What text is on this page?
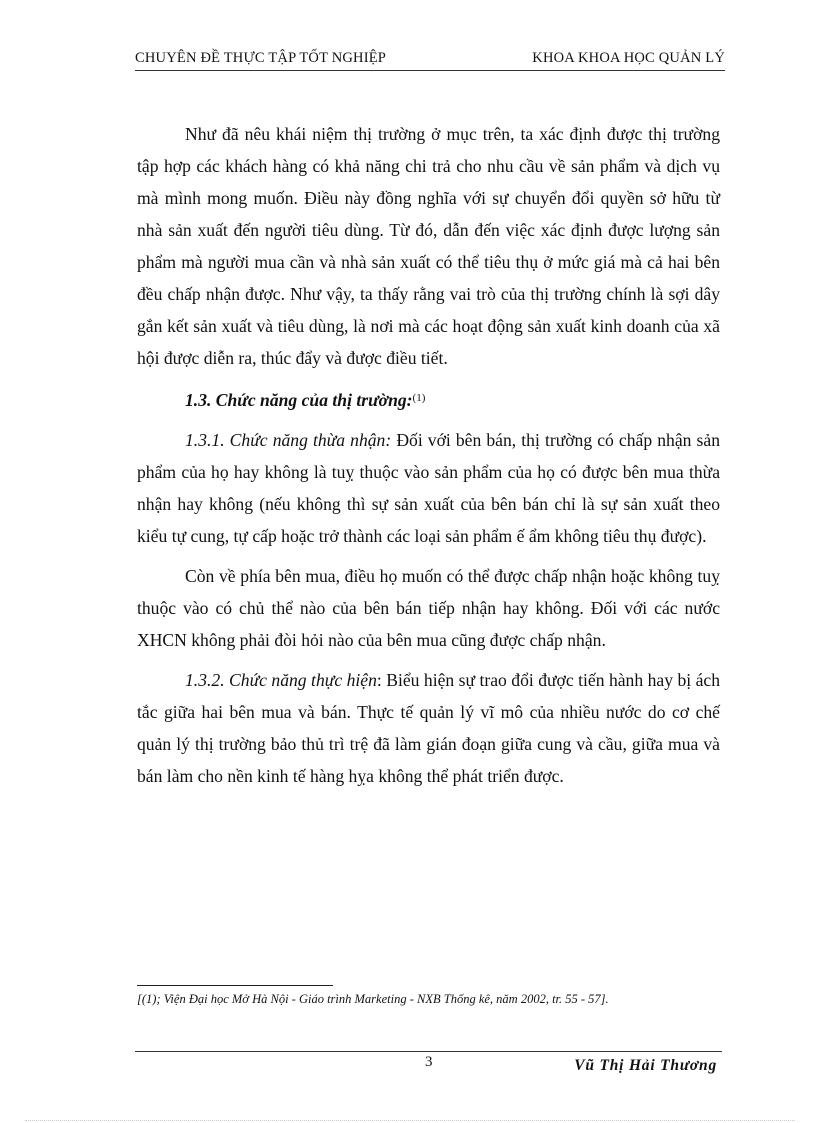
CHUYÊN ĐỀ THỰC TẬP TỐT NGHIỆP	KHOA KHOA HỌC QUẢN LÝ

Như đã nêu khái niệm thị trường ở mục trên, ta xác định được thị trường tập hợp các khách hàng có khả năng chi trả cho nhu cầu về sản phẩm và dịch vụ mà mình mong muốn. Điều này đồng nghĩa với sự chuyển đổi quyền sở hữu từ nhà sản xuất đến người tiêu dùng. Từ đó, dẫn đến việc xác định được lượng sản phẩm mà người mua cần và nhà sản xuất có thể tiêu thụ ở mức giá mà cả hai bên đều chấp nhận được. Như vậy, ta thấy rằng vai trò của thị trường chính là sợi dây gắn kết sản xuất và tiêu dùng, là nơi mà các hoạt động sản xuất kinh doanh của xã hội được diễn ra, thúc đẩy và được điều tiết.

1.3. Chức năng của thị trường:$^{(1)}$

1.3.1. Chức năng thừa nhận: Đối với bên bán, thị trường có chấp nhận sản phẩm của họ hay không là tuỵ thuộc vào sản phẩm của họ có được bên mua thừa nhận hay không (nếu không thì sự sản xuất của bên bán chỉ là sự sản xuất theo kiểu tự cung, tự cấp hoặc trở thành các loại sản phẩm ế ẩm không tiêu thụ được).

Còn về phía bên mua, điều họ muốn có thể được chấp nhận hoặc không tuỵ thuộc vào có chủ thể nào của bên bán tiếp nhận hay không. Đối với các nước XHCN không phải đòi hỏi nào của bên mua cũng được chấp nhận.

1.3.2. Chức năng thực hiện: Biểu hiện sự trao đổi được tiến hành hay bị ách tắc giữa hai bên mua và bán. Thực tế quản lý vĩ mô của nhiều nước do cơ chế quản lý thị trường bảo thủ trì trệ đã làm gián đoạn giữa cung và cầu, giữa mua và bán làm cho nền kinh tế hàng hỵa không thể phát triển được.

[(1); Viện Đại học Mở Hà Nội - Giáo trình Marketing - NXB Thống kê, năm 2002, tr. 55 - 57].
3	Vũ Thị Hải Thương
